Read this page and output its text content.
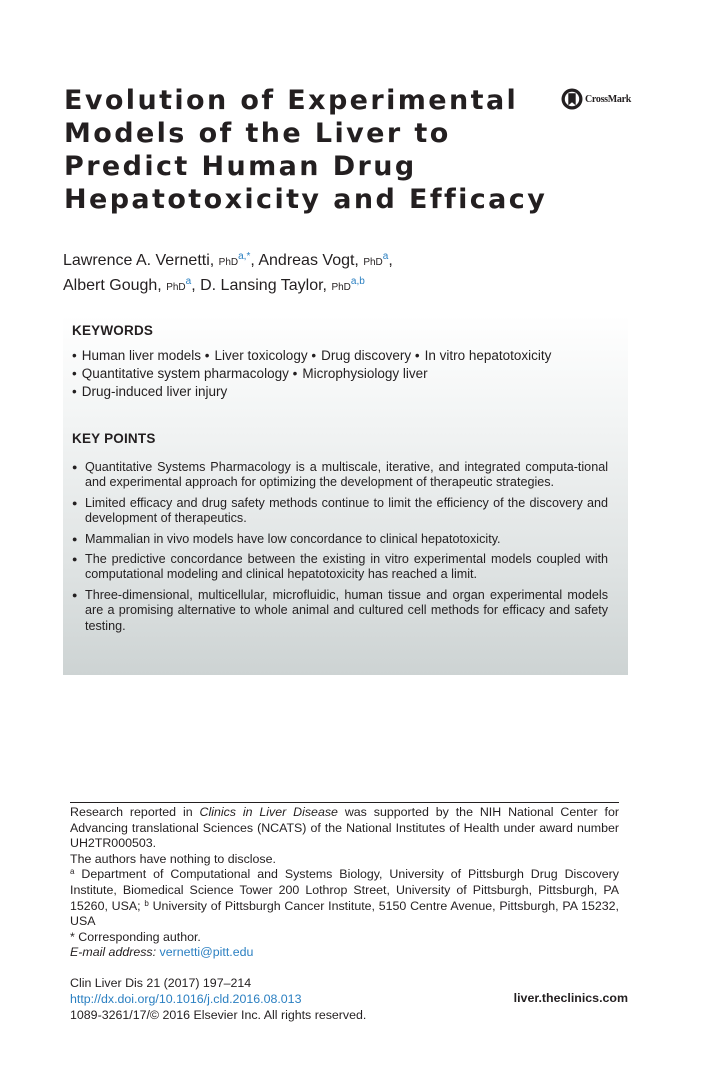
Evolution of Experimental
Models of the Liver to
Predict Human Drug
Hepatotoxicity and Efficacy
CrossMark
Lawrence A. Vernetti, PhD$^{a,*}$, Andreas Vogt, PhD$^a$,
Albert Gough, PhD$^a$, D. Lansing Taylor, PhD$^{a,b}$
KEYWORDS
• Human liver models • Liver toxicology • Drug discovery • In vitro hepatotoxicity
• Quantitative system pharmacology • Microphysiology liver
• Drug-induced liver injury
KEY POINTS
● Quantitative Systems Pharmacology is a multiscale, iterative, and integrated computa-tional and experimental approach for optimizing the development of therapeutic strategies.
● Limited efficacy and drug safety methods continue to limit the efficiency of the discovery and development of therapeutics.
● Mammalian in vivo models have low concordance to clinical hepatotoxicity.
● The predictive concordance between the existing in vitro experimental models coupled with computational modeling and clinical hepatotoxicity has reached a limit.
● Three-dimensional, multicellular, microfluidic, human tissue and organ experimental models are a promising alternative to whole animal and cultured cell methods for efficacy and safety testing.

Research reported in Clinics in Liver Disease was supported by the NIH National Center for Advancing translational Sciences (NCATS) of the National Institutes of Health under award number UH2TR000503.

The authors have nothing to disclose.

$^a$ Department of Computational and Systems Biology, University of Pittsburgh Drug Discovery Institute, Biomedical Science Tower 200 Lothrop Street, University of Pittsburgh, Pittsburgh, PA 15260, USA; $^b$ University of Pittsburgh Cancer Institute, 5150 Centre Avenue, Pittsburgh, PA 15232, USA

* Corresponding author.

E-mail address: vernetti@pitt.edu

Clin Liver Dis 21 (2017) 197–214
http://dx.doi.org/10.1016/j.cld.2016.08.013
1089-3261/17/© 2016 Elsevier Inc. All rights reserved.
liver.theclinics.com
